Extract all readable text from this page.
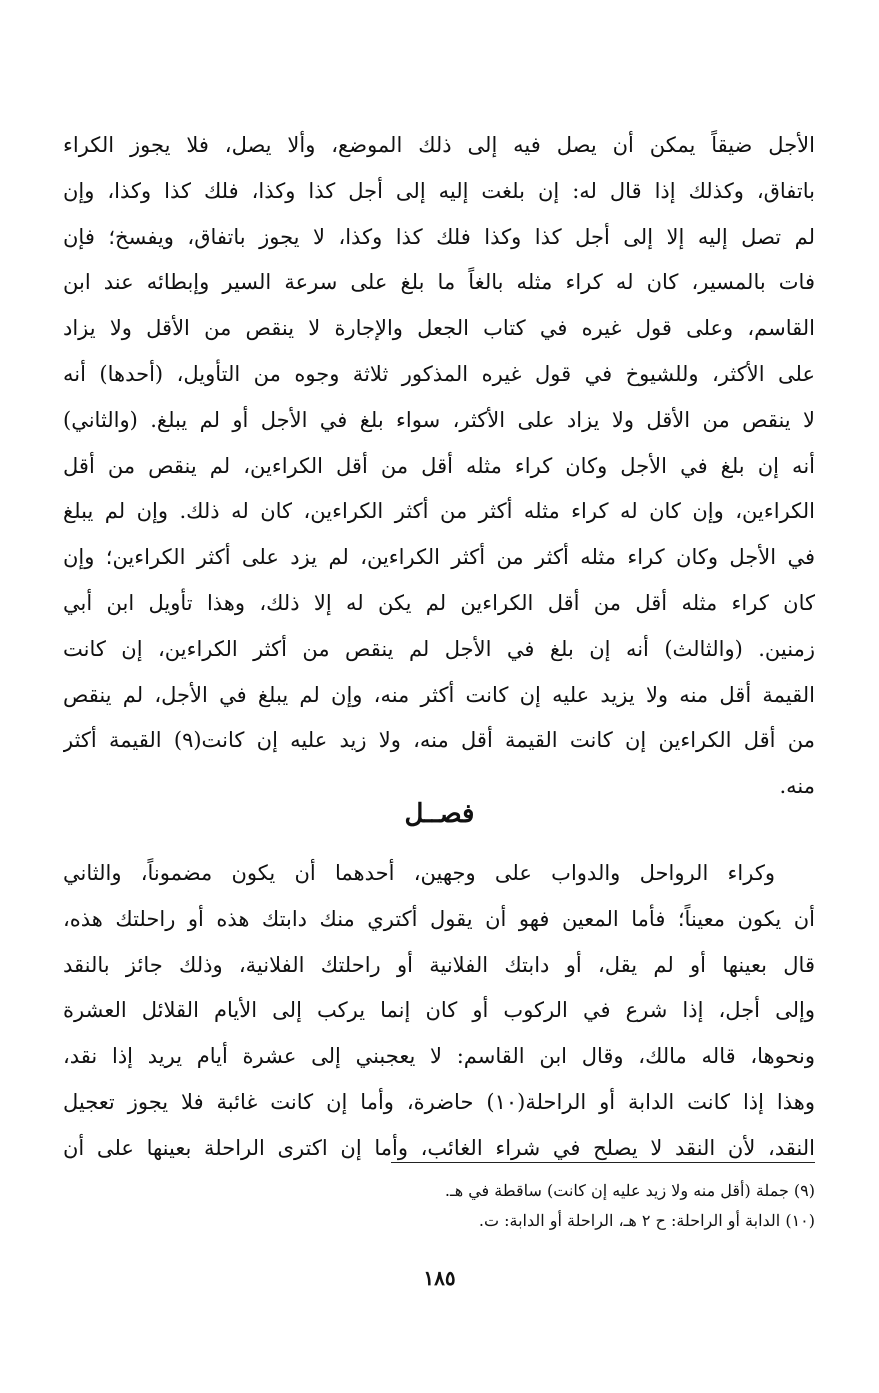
الأجل ضيقاً يمكن أن يصل فيه إلى ذلك الموضع، وألا يصل، فلا يجوز الكراء
باتفاق، وكذلك إذا قال له: إن بلغت إليه إلى أجل كذا وكذا، فلك كذا وكذا، وإن
لم تصل إليه إلا إلى أجل كذا وكذا فلك كذا وكذا، لا يجوز باتفاق، ويفسخ؛ فإن
فات بالمسير، كان له كراء مثله بالغاً ما بلغ على سرعة السير وإبطائه عند ابن
القاسم، وعلى قول غيره في كتاب الجعل والإجارة لا ينقص من الأقل ولا يزاد
على الأكثر، وللشيوخ في قول غيره المذكور ثلاثة وجوه من التأويل، (أحدها) أنه
لا ينقص من الأقل ولا يزاد على الأكثر، سواء بلغ في الأجل أو لم يبلغ. (والثاني)
أنه إن بلغ في الأجل وكان كراء مثله أقل من أقل الكراءين، لم ينقص من أقل
الكراءين، وإن كان له كراء مثله أكثر من أكثر الكراءين، كان له ذلك. وإن لم يبلغ
في الأجل وكان كراء مثله أكثر من أكثر الكراءين، لم يزد على أكثر الكراءين؛ وإن
كان كراء مثله أقل من أقل الكراءين لم يكن له إلا ذلك، وهذا تأويل ابن أبي
زمنين. (والثالث) أنه إن بلغ في الأجل لم ينقص من أكثر الكراءين، إن كانت
القيمة أقل منه ولا يزيد عليه إن كانت أكثر منه، وإن لم يبلغ في الأجل، لم ينقص
من أقل الكراءين إن كانت القيمة أقل منه، ولا زيد عليه إن كانت(٩) القيمة أكثر
منه.
فصــل
وكراء الرواحل والدواب على وجهين، أحدهما أن يكون مضموناً، والثاني
أن يكون معيناً؛ فأما المعين فهو أن يقول أكتري منك دابتك هذه أو راحلتك هذه،
قال بعينها أو لم يقل، أو دابتك الفلانية أو راحلتك الفلانية، وذلك جائز بالنقد
وإلى أجل، إذا شرع في الركوب أو كان إنما يركب إلى الأيام القلائل العشرة
ونحوها، قاله مالك، وقال ابن القاسم: لا يعجبني إلى عشرة أيام يريد إذا نقد،
وهذا إذا كانت الدابة أو الراحلة(١٠) حاضرة، وأما إن كانت غائبة فلا يجوز تعجيل
النقد، لأن النقد لا يصلح في شراء الغائب، وأما إن اكترى الراحلة بعينها على أن
(٩) جملة (أقل منه ولا زيد عليه إن كانت) ساقطة في هـ.
(١٠) الدابة أو الراحلة: ح ٢ هـ، الراحلة أو الدابة: ت.
١٨٥
